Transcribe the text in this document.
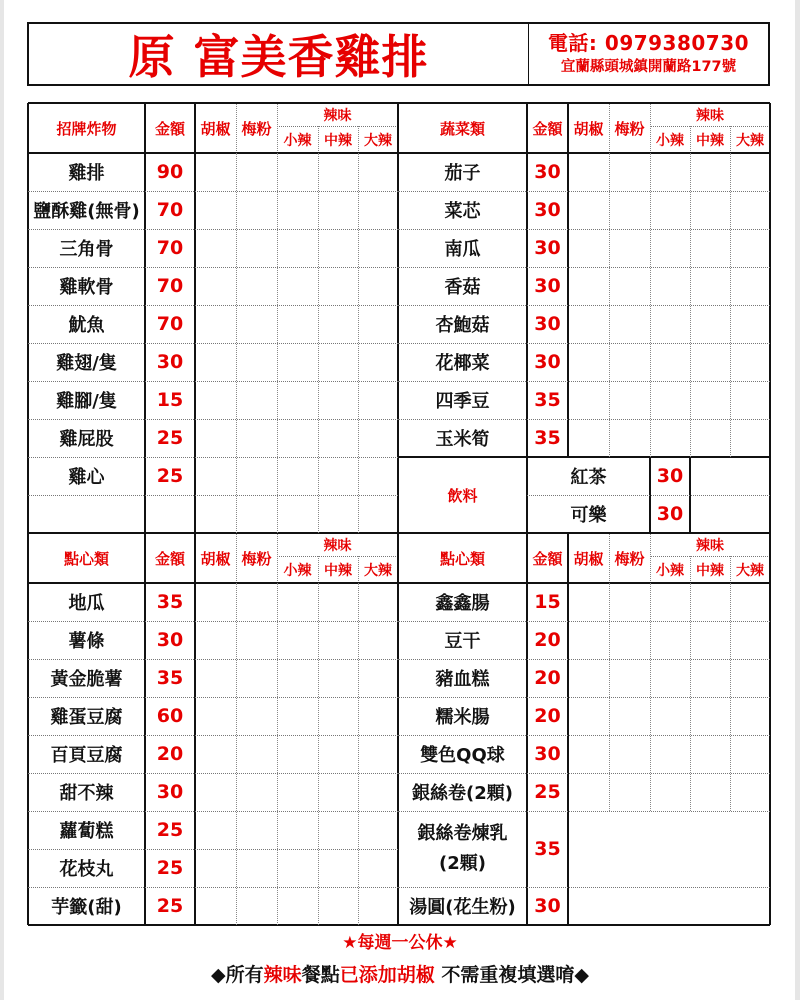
原 富美香雞排	電話: 0979380730
宜蘭縣頭城鎮開蘭路177號
招牌炸物	金額	胡椒 梅粉
辣味
小辣 中辣 大辣
蔬菜類	金額 胡椒 梅粉
辣味
小辣 中辣 大辣
雞排	90
鹽酥雞(無骨) 70
三角骨	70
雞軟骨	70
魷魚	70
雞翅/隻	30
雞腳/隻	15
雞屁股	25
雞心	25
茄子	30
菜芯	30
南瓜	30
香菇	30
杏鮑菇	30
花椰菜	30
四季豆	35
玉米筍	35
飲料
紅茶	30
可樂	30
點心類	金額	胡椒 梅粉
辣味
小辣 中辣 大辣
點心類	金額 胡椒 梅粉
辣味
小辣 中辣 大辣
地瓜	35
薯條	30
黃金脆薯	35
雞蛋豆腐	60
百頁豆腐	20
甜不辣	30
蘿蔔糕	25
花枝丸	25
芋籤(甜)	25
鑫鑫腸	15
豆干	20
豬血糕	20
糯米腸	20
雙色QQ球	30
銀絲卷(2顆)	25
銀絲卷煉乳
(2顆)
35
湯圓(花生粉) 30
★每週一公休★
◆所有辣味餐點已添加胡椒 不需重複填選唷◆
